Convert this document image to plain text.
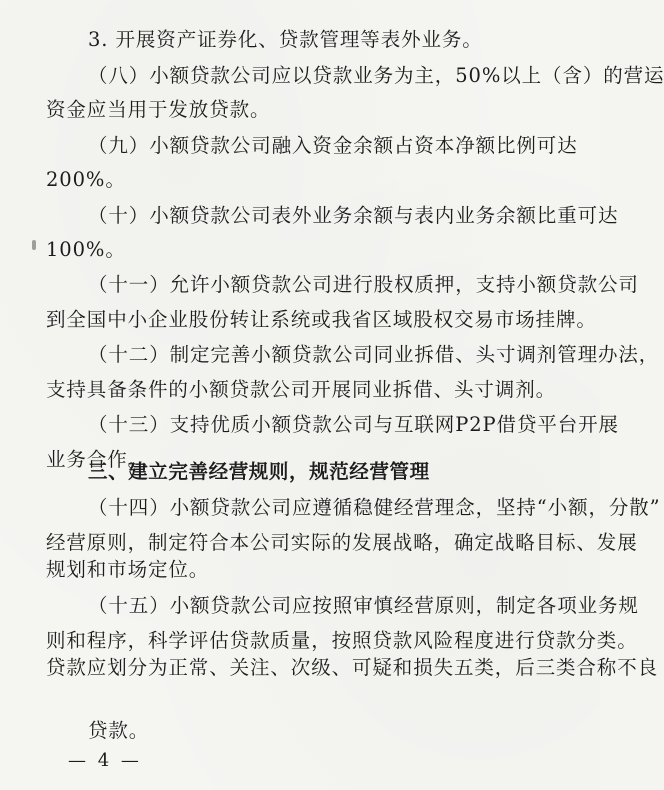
3. 开展资产证券化、贷款管理等表外业务。
（八）小额贷款公司应以贷款业务为主，50%以上（含）的营运
资金应当用于发放贷款。
（九）小额贷款公司融入资金余额占资本净额比例可达
200%。
（十）小额贷款公司表外业务余额与表内业务余额比重可达
100%。
（十一）允许小额贷款公司进行股权质押，支持小额贷款公司
到全国中小企业股份转让系统或我省区域股权交易市场挂牌。
（十二）制定完善小额贷款公司同业拆借、头寸调剂管理办法，
支持具备条件的小额贷款公司开展同业拆借、头寸调剂。
（十三）支持优质小额贷款公司与互联网P2P借贷平台开展
业务合作。
三、建立完善经营规则，规范经营管理
（十四）小额贷款公司应遵循稳健经营理念，坚持“小额，分散”
经营原则，制定符合本公司实际的发展战略，确定战略目标、发展
规划和市场定位。
（十五）小额贷款公司应按照审慎经营原则，制定各项业务规
则和程序，科学评估贷款质量，按照贷款风险程度进行贷款分类。
贷款应划分为正常、关注、次级、可疑和损失五类，后三类合称不良
贷款。
— 4 —
